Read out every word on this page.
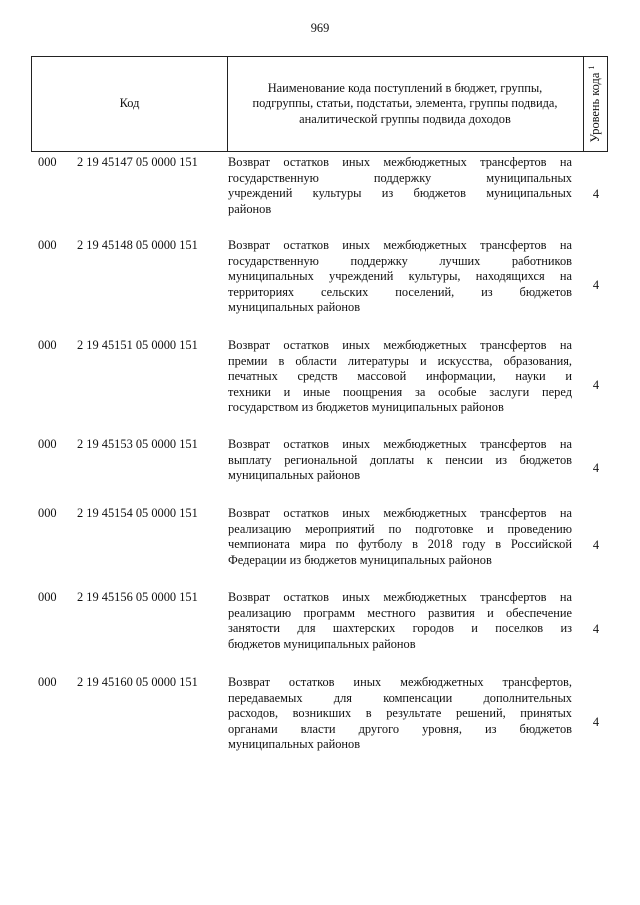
969
Код
Наименование кода поступлений в бюджет, группы,
подгруппы, статьи, подстатьи, элемента, группы подвида,
аналитической группы подвида доходов	Уровень кода $^1$
000 2 19 45147 05 0000 151 Возврат остатков иных межбюджетных трансфертов на
государственную поддержку муниципальных
учреждений культуры из бюджетов муниципальных
районов
4
000 2 19 45148 05 0000 151 Возврат остатков иных межбюджетных трансфертов на
государственную поддержку лучших работников
муниципальных учреждений культуры, находящихся на
территориях сельских поселений, из бюджетов
муниципальных районов
4
000 2 19 45151 05 0000 151 Возврат остатков иных межбюджетных трансфертов на
премии в области литературы и искусства, образования,
печатных средств массовой информации, науки и
техники и иные поощрения за особые заслуги перед
государством из бюджетов муниципальных районов
4
000 2 19 45153 05 0000 151 Возврат остатков иных межбюджетных трансфертов на
выплату региональной доплаты к пенсии из бюджетов
муниципальных районов
4
000 2 19 45154 05 0000 151 Возврат остатков иных межбюджетных трансфертов на
реализацию мероприятий по подготовке и проведению
чемпионата мира по футболу в 2018 году в Российской
Федерации из бюджетов муниципальных районов
4
000 2 19 45156 05 0000 151 Возврат остатков иных межбюджетных трансфертов на
реализацию программ местного развития и обеспечение
занятости для шахтерских городов и поселков из
бюджетов муниципальных районов
4
000 2 19 45160 05 0000 151 Возврат остатков иных межбюджетных трансфертов,
передаваемых для компенсации дополнительных
расходов, возникших в результате решений, принятых
органами власти другого уровня, из бюджетов
муниципальных районов
4
